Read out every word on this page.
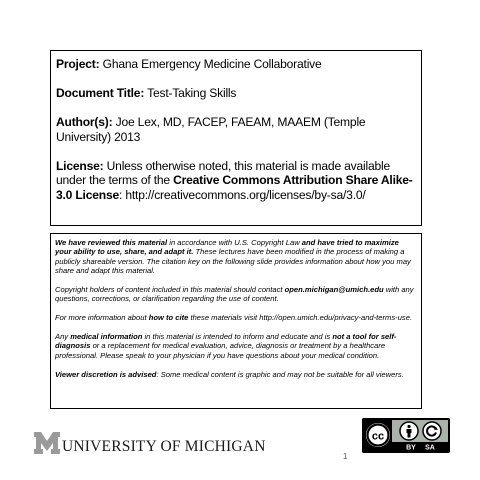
Project: Ghana Emergency Medicine Collaborative

Document Title: Test-Taking Skills

Author(s): Joe Lex, MD, FACEP, FAEAM, MAAEM (Temple University) 2013

License: Unless otherwise noted, this material is made available under the terms of the Creative Commons Attribution Share Alike-3.0 License: http://creativecommons.org/licenses/by-sa/3.0/

We have reviewed this material in accordance with U.S. Copyright Law and have tried to maximize your ability to use, share, and adapt it. These lectures have been modified in the process of making a publicly shareable version. The citation key on the following slide provides information about how you may share and adapt this material.

Copyright holders of content included in this material should contact open.michigan@umich.edu with any questions, corrections, or clarification regarding the use of content.

For more information about how to cite these materials visit http://open.umich.edu/privacy-and-terms-use.

Any medical information in this material is intended to inform and educate and is not a tool for self-diagnosis or a replacement for medical evaluation, advice, diagnosis or treatment by a healthcare professional. Please speak to your physician if you have questions about your medical condition.

Viewer discretion is advised: Some medical content is graphic and may not be suitable for all viewers.

UNIVERSITY OF MICHIGAN
cc
BY SA
1
